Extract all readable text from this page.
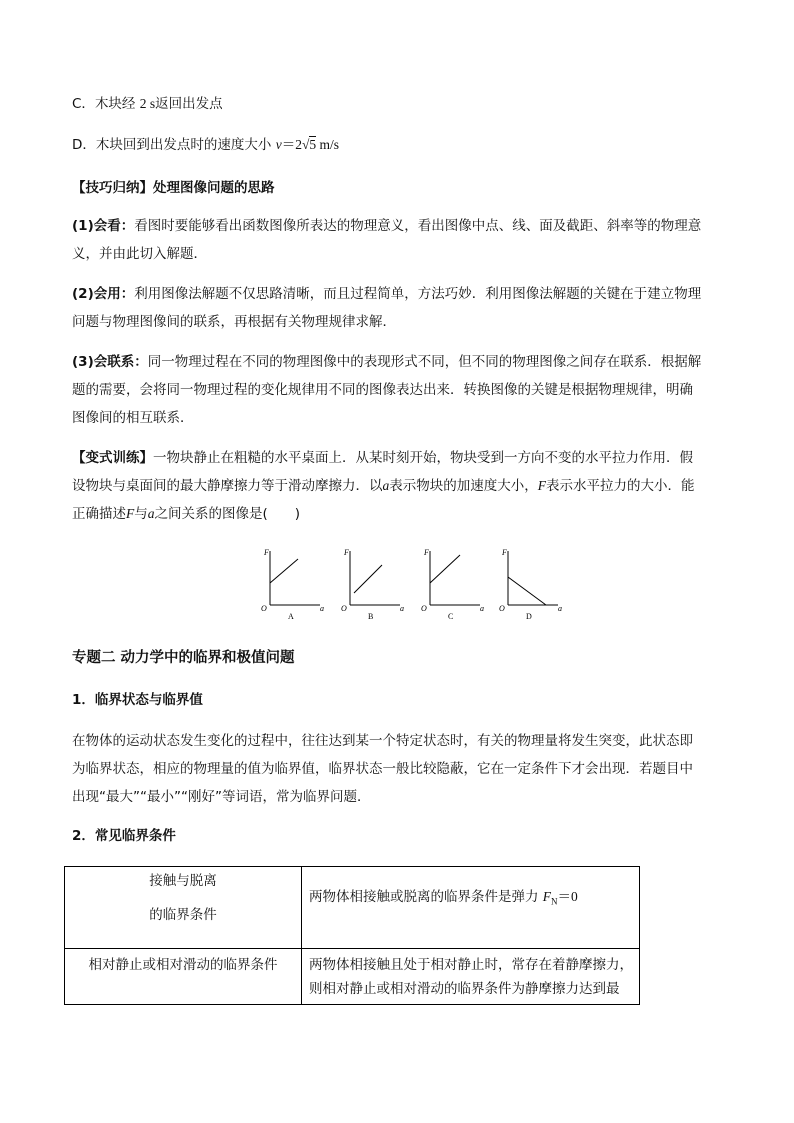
C．木块经 2 s返回出发点
D．木块回到出发点时的速度大小 v＝2√5 m/s
【技巧归纳】处理图像问题的思路
(1)会看：看图时要能够看出函数图像所表达的物理意义，看出图像中点、线、面及截距、斜率等的物理意
义，并由此切入解题．
(2)会用：利用图像法解题不仅思路清晰，而且过程简单，方法巧妙．利用图像法解题的关键在于建立物理
问题与物理图像间的联系，再根据有关物理规律求解．
(3)会联系：同一物理过程在不同的物理图像中的表现形式不同，但不同的物理图像之间存在联系．根据解
题的需要，会将同一物理过程的变化规律用不同的图像表达出来．转换图像的关键是根据物理规律，明确
图像间的相互联系．
【变式训练】一物块静止在粗糙的水平桌面上．从某时刻开始，物块受到一方向不变的水平拉力作用．假
设物块与桌面间的最大静摩擦力等于滑动摩擦力．以a表示物块的加速度大小，F表示水平拉力的大小．能
正确描述F与a之间关系的图像是(　　)
F
O	a
A
F
O	a
B
F
O	a
C
F
O	a
D
专题二 动力学中的临界和极值问题
1．临界状态与临界值
在物体的运动状态发生变化的过程中，往往达到某一个特定状态时，有关的物理量将发生突变，此状态即
为临界状态，相应的物理量的值为临界值，临界状态一般比较隐蔽，它在一定条件下才会出现．若题目中
出现“最大”“最小”“刚好”等词语，常为临界问题．
2．常见临界条件
接触与脱离
的临界条件	两物体相接触或脱离的临界条件是弹力 $F_N=0$

相对静止或相对滑动的临界条件	两物体相接触且处于相对静止时，常存在着静摩擦力，
则相对静止或相对滑动的临界条件为静摩擦力达到最
